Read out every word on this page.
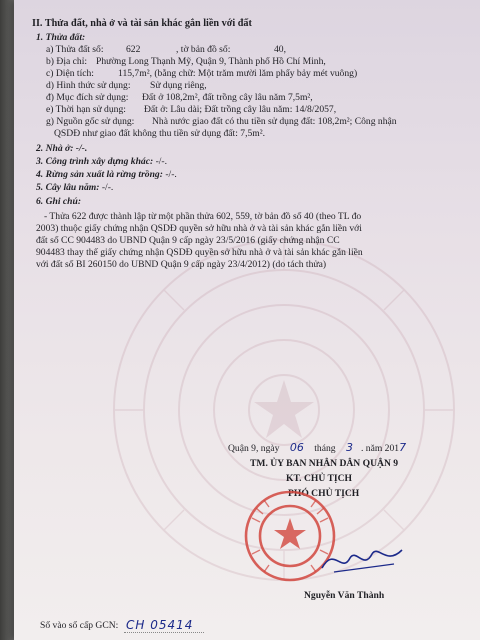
II. Thửa đất, nhà ở và tài sản khác gắn liền với đất
1. Thửa đất:
a) Thửa đất số: 622	, tờ bản đồ số:	40,
b) Địa chỉ: Phường Long Thạnh Mỹ, Quận 9, Thành phố Hồ Chí Minh,
c) Diện tích:	115,7m², (bằng chữ: Một trăm mười lăm phẩy bảy mét vuông)
d) Hình thức sử dụng: Sử dụng riêng,
đ) Mục đích sử dụng: Đất ở 108,2m², đất trồng cây lâu năm 7,5m²,
e) Thời hạn sử dụng: Đất ở: Lâu dài; Đất trồng cây lâu năm: 14/8/2057,
g) Nguồn gốc sử dụng: Nhà nước giao đất có thu tiền sử dụng đất: 108,2m²; Công nhận
QSDĐ như giao đất không thu tiền sử dụng đất: 7,5m².
2. Nhà ở: -/-.
3. Công trình xây dựng khác: -/-.
4. Rừng sản xuất là rừng trồng: -/-.
5. Cây lâu năm: -/-.
6. Ghi chú:
- Thửa 622 được thành lập từ một phần thửa 602, 559, tờ bản đồ số 40 (theo TL đo
2003) thuộc giấy chứng nhận QSDĐ quyền sở hữu nhà ở và tài sản khác gắn liền với
đất số CC 904483 do UBND Quận 9 cấp ngày 23/5/2016 (giấy chứng nhận CC
904483 thay thế giấy chứng nhận QSDĐ quyền sở hữu nhà ở và tài sản khác gắn liền
với đất số BI 260150 do UBND Quận 9 cấp ngày 23/4/2012) (do tách thửa)
Quận 9, ngày 06 tháng 3 . năm 2017
TM. ỦY BAN NHÂN DÂN QUẬN 9
KT. CHỦ TỊCH
PHÓ CHỦ TỊCH
Nguyễn Văn Thành
Số vào sổ cấp GCN: CH 05414
